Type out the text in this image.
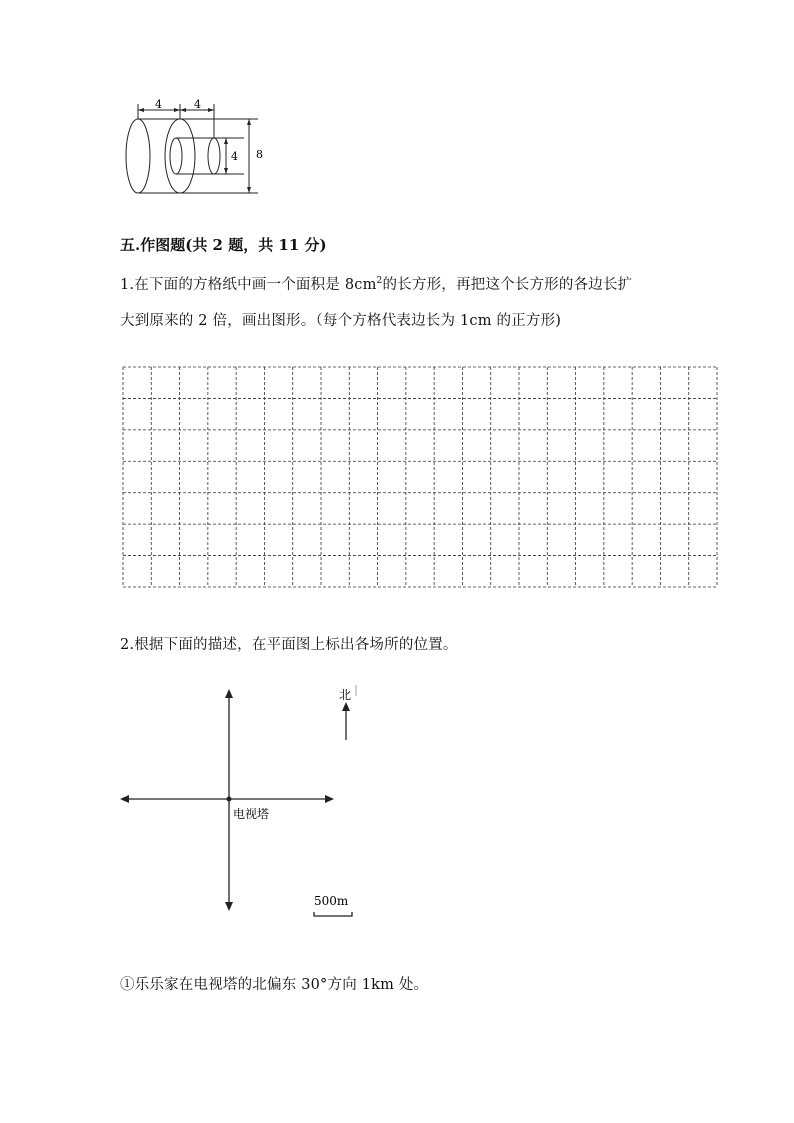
4	4
4 8
五.作图题(共 2 题，共 11 分)
1.在下面的方格纸中画一个面积是 $8cm^2$的长方形，再把这个长方形的各边长扩
大到原来的 2 倍，画出图形。（每个方格代表边长为 1cm 的正方形)
2.根据下面的描述，在平面图上标出各场所的位置。
北
电视塔
500m
①乐乐家在电视塔的北偏东 30°方向 1km 处。
